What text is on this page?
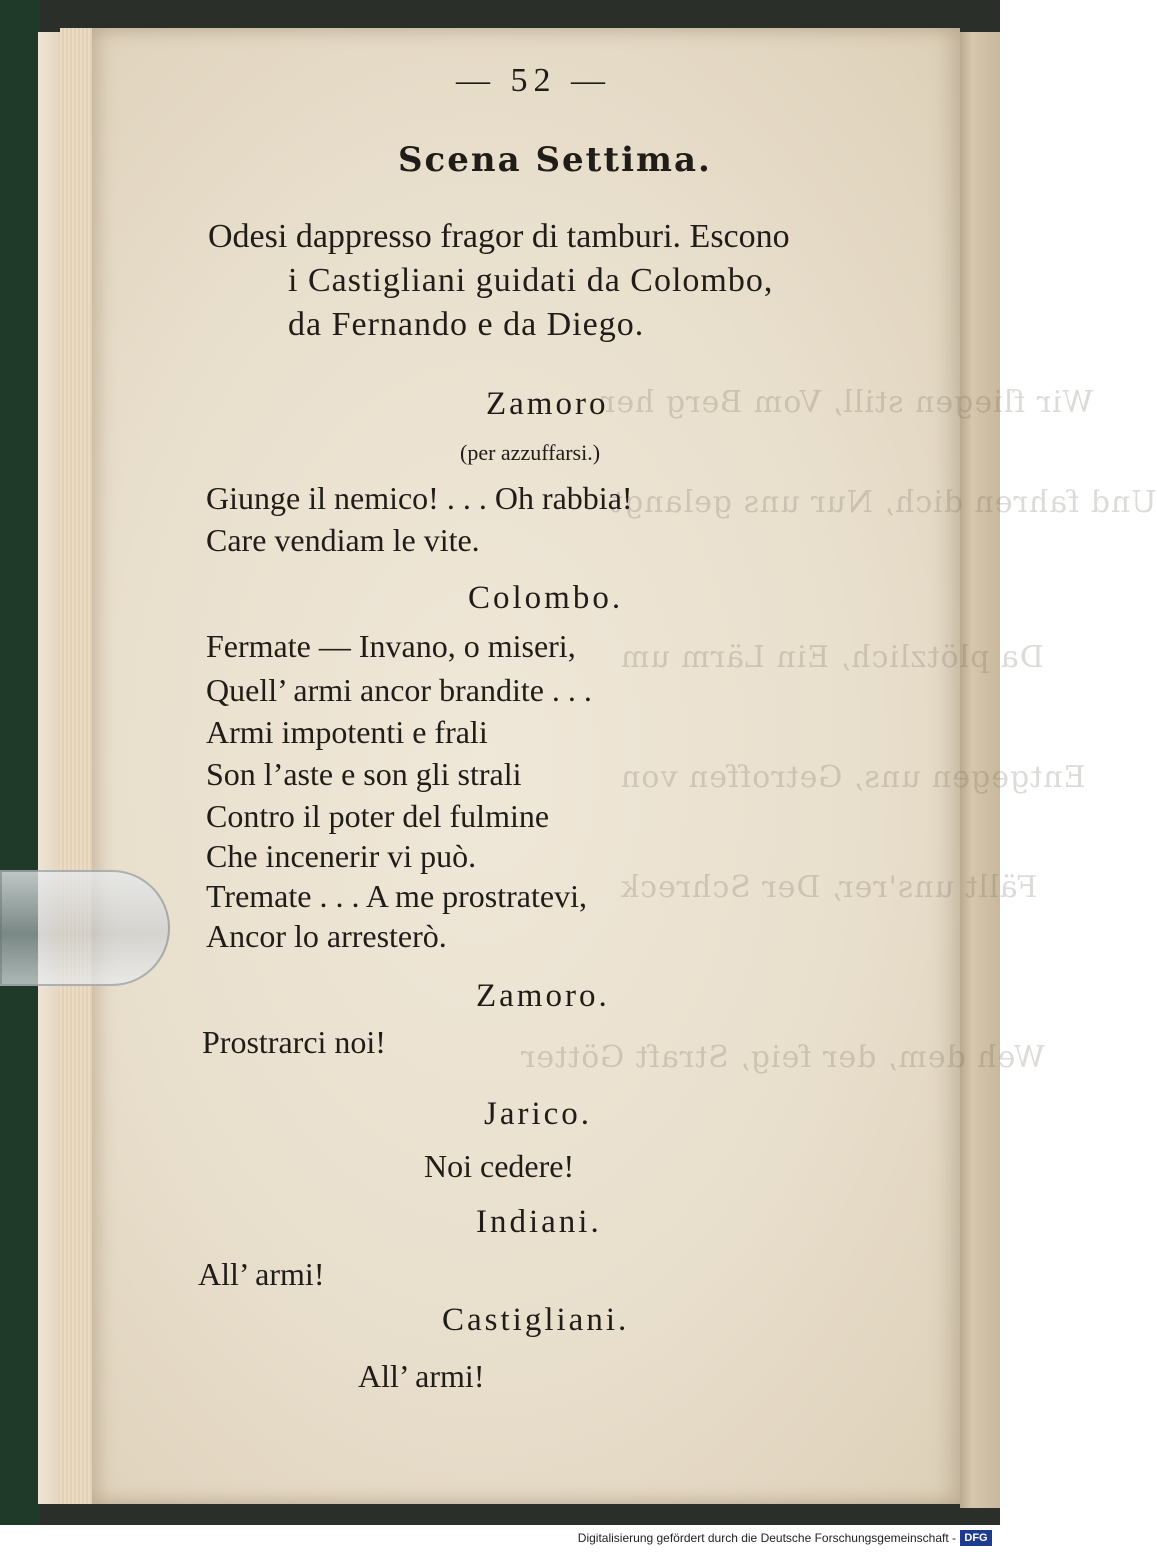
Wir fliegen still, Vom Berg her
Und fahren dich, Nur uns gelangt
Da plötzlich, Ein Lärm um
Entgegen uns, Getroffen von
Fällt uns'rer, Der Schreck
Weh dem, der feig, Straft Götter
— 52 —
Scena Settima.
Odesi dappresso fragor di tamburi. Escono
i Castigliani guidati da Colombo,
da Fernando e da Diego.
Zamoro
(per azzuffarsi.)
Giunge il nemico! . . . Oh rabbia!
Care vendiam le vite.
Colombo.
Fermate — Invano, o miseri,
Quell’ armi ancor brandite . . .
Armi impotenti e frali
Son l’aste e son gli strali
Contro il poter del fulmine
Che incenerir vi può.
Tremate . . . A me prostratevi,
Ancor lo arresterò.
Zamoro.
Prostrarci noi!
Jarico.
Noi cedere!
Indiani.
All’ armi!
Castigliani.
All’ armi!
Digitalisierung gefördert durch die Deutsche Forschungsgemeinschaft - DFG
